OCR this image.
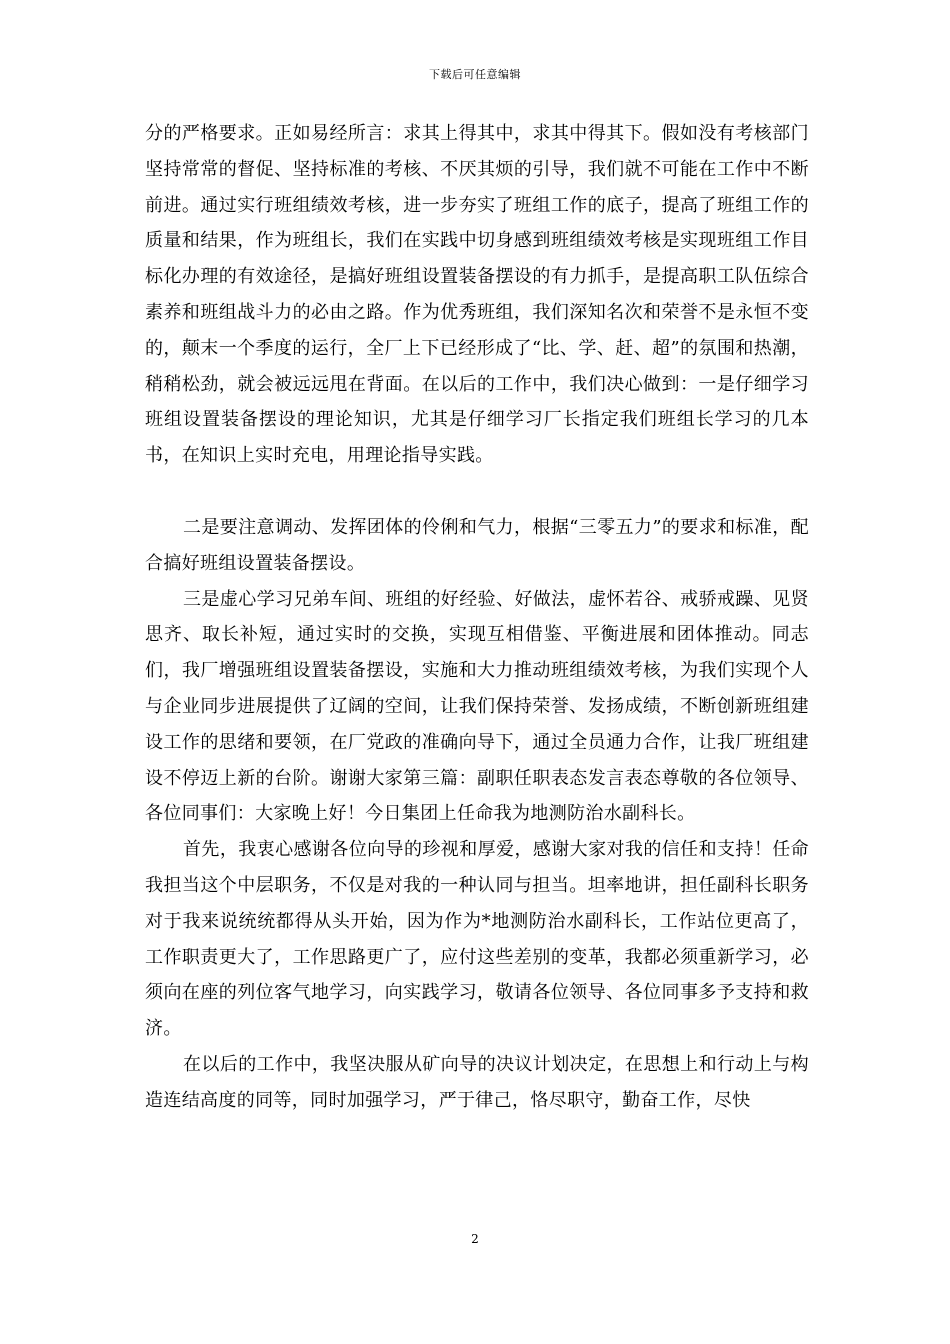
下载后可任意编辑

分的严格要求。正如易经所言：求其上得其中，求其中得其下。假如没有考核部门坚持常常的督促、坚持标准的考核、不厌其烦的引导，我们就不可能在工作中不断前进。通过实行班组绩效考核，进一步夯实了班组工作的底子，提高了班组工作的质量和结果，作为班组长，我们在实践中切身感到班组绩效考核是实现班组工作目标化办理的有效途径，是搞好班组设置装备摆设的有力抓手，是提高职工队伍综合素养和班组战斗力的必由之路。作为优秀班组，我们深知名次和荣誉不是永恒不变的，颠末一个季度的运行，全厂上下已经形成了“比、学、赶、超”的氛围和热潮，稍稍松劲，就会被远远甩在背面。在以后的工作中，我们决心做到：一是仔细学习班组设置装备摆设的理论知识，尤其是仔细学习厂长指定我们班组长学习的几本书，在知识上实时充电，用理论指导实践。

二是要注意调动、发挥团体的伶俐和气力，根据“三零五力”的要求和标准，配合搞好班组设置装备摆设。

三是虚心学习兄弟车间、班组的好经验、好做法，虚怀若谷、戒骄戒躁、见贤思齐、取长补短，通过实时的交换，实现互相借鉴、平衡进展和团体推动。同志们，我厂增强班组设置装备摆设，实施和大力推动班组绩效考核，为我们实现个人与企业同步进展提供了辽阔的空间，让我们保持荣誉、发扬成绩，不断创新班组建设工作的思绪和要领，在厂党政的准确向导下，通过全员通力合作，让我厂班组建设不停迈上新的台阶。谢谢大家第三篇：副职任职表态发言表态尊敬的各位领导、各位同事们：大家晚上好！今日集团上任命我为地测防治水副科长。

首先，我衷心感谢各位向导的珍视和厚爱，感谢大家对我的信任和支持！任命我担当这个中层职务，不仅是对我的一种认同与担当。坦率地讲，担任副科长职务对于我来说统统都得从头开始，因为作为*地测防治水副科长，工作站位更高了，工作职责更大了，工作思路更广了，应付这些差别的变革，我都必须重新学习，必须向在座的列位客气地学习，向实践学习，敬请各位领导、各位同事多予支持和救济。

在以后的工作中，我坚决服从矿向导的决议计划决定，在思想上和行动上与构造连结高度的同等，同时加强学习，严于律己，恪尽职守，勤奋工作，尽快

2
